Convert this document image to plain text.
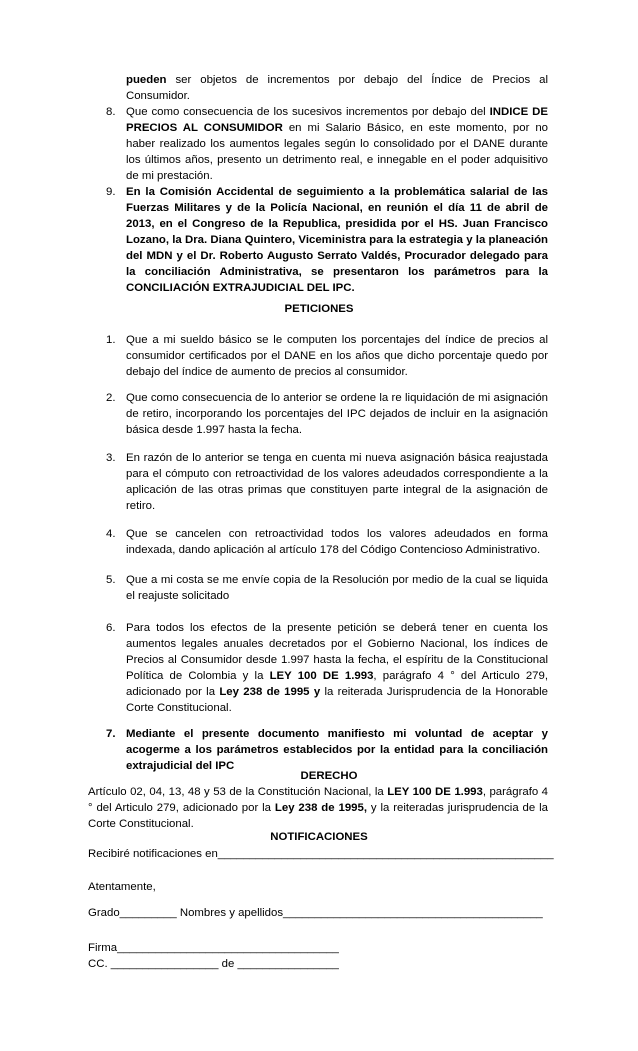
pueden ser objetos de incrementos por debajo del Índice de Precios al Consumidor.
8. Que como consecuencia de los sucesivos incrementos por debajo del INDICE DE PRECIOS AL CONSUMIDOR en mi Salario Básico, en este momento, por no haber realizado los aumentos legales según lo consolidado por el DANE durante los últimos años, presento un detrimento real, e innegable en el poder adquisitivo de mi prestación.
9. En la Comisión Accidental de seguimiento a la problemática salarial de las Fuerzas Militares y de la Policía Nacional, en reunión el día 11 de abril de 2013, en el Congreso de la Republica, presidida por el HS. Juan Francisco Lozano, la Dra. Diana Quintero, Viceministra para la estrategia y la planeación del MDN y el Dr. Roberto Augusto Serrato Valdés, Procurador delegado para la conciliación Administrativa, se presentaron los parámetros para la CONCILIACIÓN EXTRAJUDICIAL DEL IPC.
PETICIONES
1. Que a mi sueldo básico se le computen los porcentajes del índice de precios al consumidor certificados por el DANE en los años que dicho porcentaje quedo por debajo del índice de aumento de precios al consumidor.
2. Que como consecuencia de lo anterior se ordene la re liquidación de mi asignación de retiro, incorporando los porcentajes del IPC dejados de incluir en la asignación básica desde 1.997 hasta la fecha.
3. En razón de lo anterior se tenga en cuenta mi nueva asignación básica reajustada para el cómputo con retroactividad de los valores adeudados correspondiente a la aplicación de las otras primas que constituyen parte integral de la asignación de retiro.
4. Que se cancelen con retroactividad todos los valores adeudados en forma indexada, dando aplicación al artículo 178 del Código Contencioso Administrativo.
5. Que a mi costa se me envíe copia de la Resolución por medio de la cual se liquida el reajuste solicitado
6. Para todos los efectos de la presente petición se deberá tener en cuenta los aumentos legales anuales decretados por el Gobierno Nacional, los índices de Precios al Consumidor desde 1.997 hasta la fecha, el espíritu de la Constitucional Política de Colombia y la LEY 100 DE 1.993, parágrafo 4 ° del Articulo 279, adicionado por la Ley 238 de 1995 y la reiterada Jurisprudencia de la Honorable Corte Constitucional.
7. Mediante el presente documento manifiesto mi voluntad de aceptar y acogerme a los parámetros establecidos por la entidad para la conciliación extrajudicial del IPC
DERECHO
Artículo 02, 04, 13, 48 y 53 de la Constitución Nacional, la LEY 100 DE 1.993, parágrafo 4 ° del Articulo 279, adicionado por la Ley 238 de 1995, y la reiteradas jurisprudencia de la Corte Constitucional.
NOTIFICACIONES
Recibiré notificaciones en_____________________________________________________
Atentamente,
Grado_________ Nombres y apellidos_________________________________________
Firma___________________________________
CC. _________________ de ________________
